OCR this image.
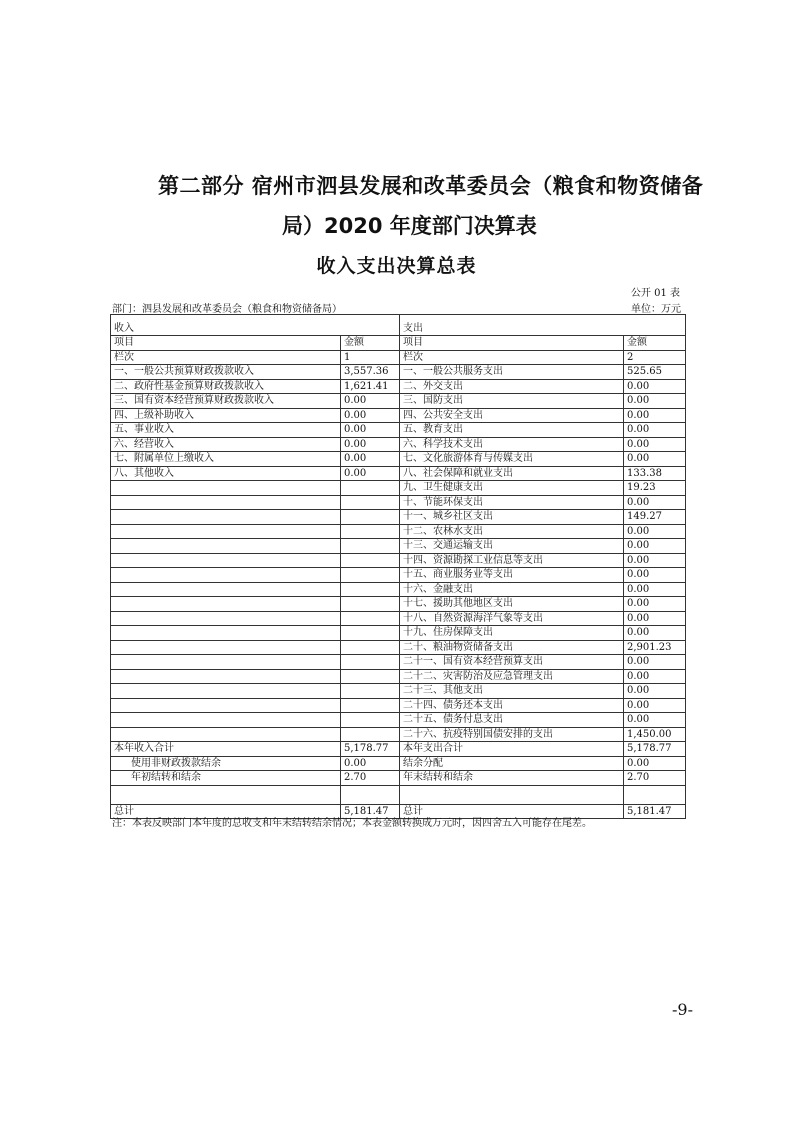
第二部分 宿州市泗县发展和改革委员会（粮食和物资储备
局）2020 年度部门决算表
收入支出决算总表
公开 01 表
部门：泗县发展和改革委员会（粮食和物资储备局）	单位：万元
收入		支出	
项目	金额	项目	金额
栏次	1	栏次	2
一、一般公共预算财政拨款收入	3,557.36	一、一般公共服务支出	525.65
二、政府性基金预算财政拨款收入	1,621.41	二、外交支出	0.00
三、国有资本经营预算财政拨款收入	0.00	三、国防支出	0.00
四、上级补助收入	0.00	四、公共安全支出	0.00
五、事业收入	0.00	五、教育支出	0.00
六、经营收入	0.00	六、科学技术支出	0.00
七、附属单位上缴收入	0.00	七、文化旅游体育与传媒支出	0.00
八、其他收入	0.00	八、社会保障和就业支出	133.38
		九、卫生健康支出	19.23
		十、节能环保支出	0.00
		十一、城乡社区支出	149.27
		十二、农林水支出	0.00
		十三、交通运输支出	0.00
		十四、资源勘探工业信息等支出	0.00
		十五、商业服务业等支出	0.00
		十六、金融支出	0.00
		十七、援助其他地区支出	0.00
		十八、自然资源海洋气象等支出	0.00
		十九、住房保障支出	0.00
		二十、粮油物资储备支出	2,901.23
		二十一、国有资本经营预算支出	0.00
		二十二、灾害防治及应急管理支出	0.00
		二十三、其他支出	0.00
		二十四、债务还本支出	0.00
		二十五、债务付息支出	0.00
		二十六、抗疫特别国债安排的支出	1,450.00
本年收入合计	5,178.77	本年支出合计	5,178.77
使用非财政拨款结余	0.00	结余分配	0.00
年初结转和结余	2.70	年末结转和结余	2.70

总计	5,181.47	总计	5,181.47
注：本表反映部门本年度的总收支和年末结转结余情况；本表金额转换成万元时，因四舍五入可能存在尾差。
-9-
